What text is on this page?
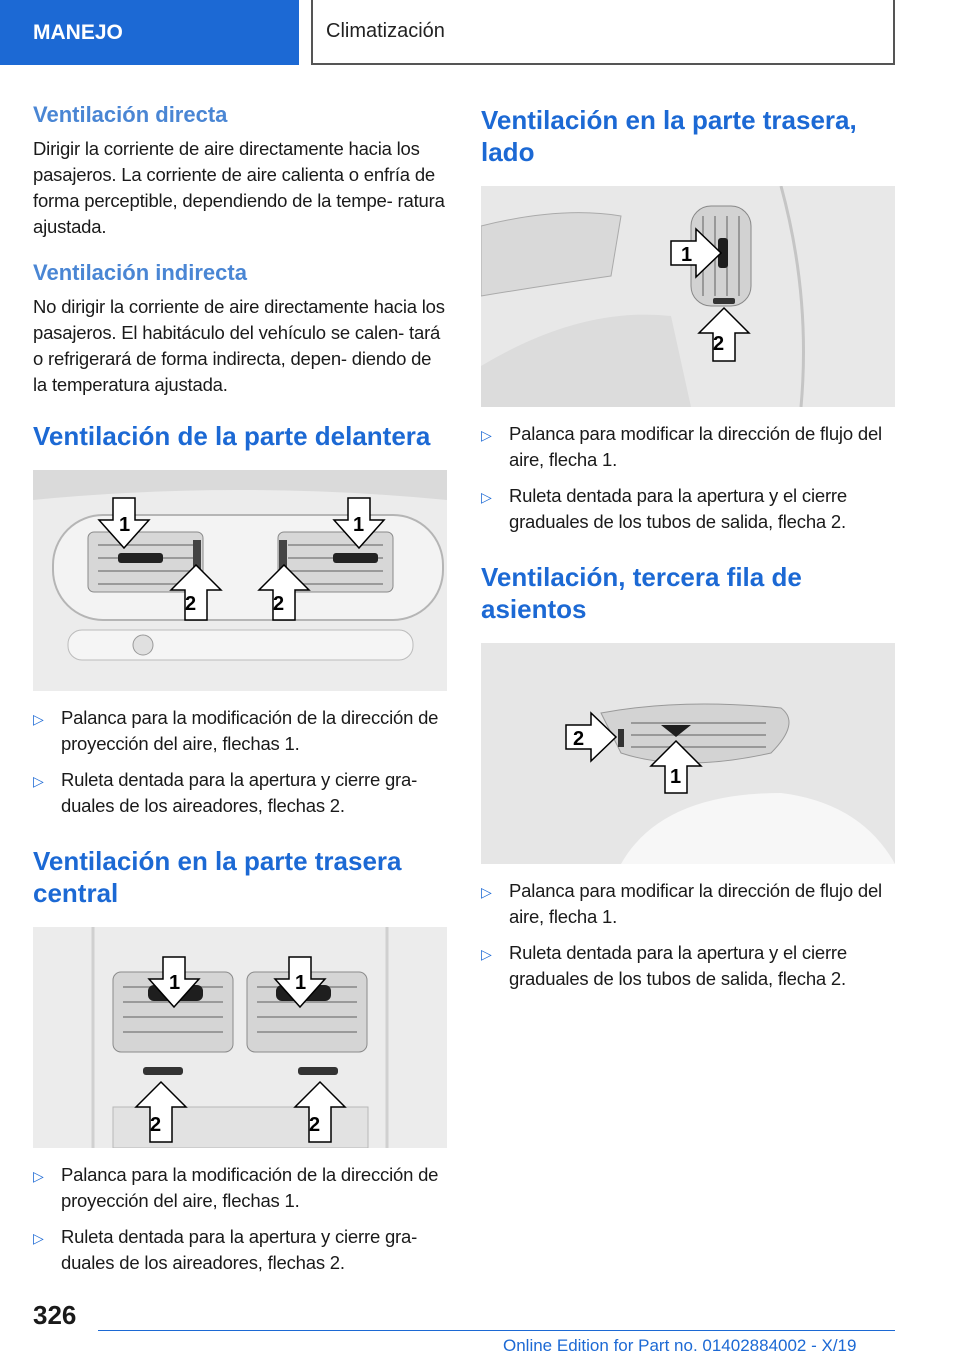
MANEJO	Climatización
Ventilación directa

Dirigir la corriente de aire directamente hacia los pasajeros. La corriente de aire calienta o enfría de forma perceptible, dependiendo de la tempe‐ ratura ajustada.

Ventilación indirecta

No dirigir la corriente de aire directamente hacia los pasajeros. El habitáculo del vehículo se calen‐ tará o refrigerará de forma indirecta, depen‐ diendo de la temperatura ajustada.

Ventilación de la parte delantera
1	1
2	2
▷ Palanca para la modificación de la dirección de proyección del aire, flechas 1.
▷ Ruleta dentada para la apertura y cierre gra‐ duales de los aireadores, flechas 2.
Ventilación en la parte trasera central
1	1
2	2
▷ Palanca para la modificación de la dirección de proyección del aire, flechas 1.
▷ Ruleta dentada para la apertura y cierre gra‐ duales de los aireadores, flechas 2.
Ventilación en la parte trasera, lado
1
2
▷ Palanca para modificar la dirección de flujo del aire, flecha 1.
▷ Ruleta dentada para la apertura y el cierre graduales de los tubos de salida, flecha 2.
Ventilación, tercera fila de asientos
2
1
▷ Palanca para modificar la dirección de flujo del aire, flecha 1.
▷ Ruleta dentada para la apertura y el cierre graduales de los tubos de salida, flecha 2.
326
Online Edition for Part no. 01402884002 - X/19
